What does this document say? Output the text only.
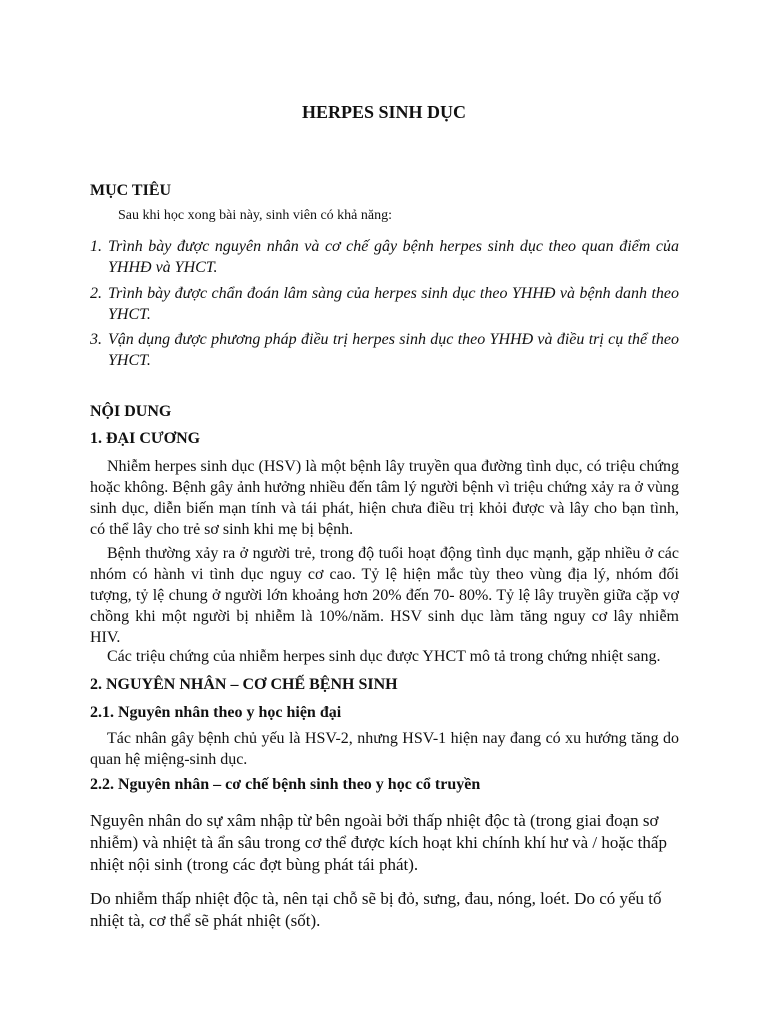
HERPES SINH DỤC
MỤC TIÊU
Sau khi học xong bài này, sinh viên có khả năng:
1. Trình bày được nguyên nhân và cơ chế gây bệnh herpes sinh dục theo quan điểm của YHHĐ và YHCT.
2. Trình bày được chẩn đoán lâm sàng của herpes sinh dục theo YHHĐ và bệnh danh theo YHCT.
3. Vận dụng được phương pháp điều trị herpes sinh dục theo YHHĐ và điều trị cụ thể theo YHCT.
NỘI DUNG
1. ĐẠI CƯƠNG
Nhiễm herpes sinh dục (HSV) là một bệnh lây truyền qua đường tình dục, có triệu chứng hoặc không. Bệnh gây ảnh hưởng nhiều đến tâm lý người bệnh vì triệu chứng xảy ra ở vùng sinh dục, diễn biến mạn tính và tái phát, hiện chưa điều trị khỏi được và lây cho bạn tình, có thể lây cho trẻ sơ sinh khi mẹ bị bệnh.
Bệnh thường xảy ra ở người trẻ, trong độ tuổi hoạt động tình dục mạnh, gặp nhiều ở các nhóm có hành vi tình dục nguy cơ cao. Tỷ lệ hiện mắc tùy theo vùng địa lý, nhóm đối tượng, tỷ lệ chung ở người lớn khoảng hơn 20% đến 70- 80%. Tỷ lệ lây truyền giữa cặp vợ chồng khi một người bị nhiễm là 10%/năm. HSV sinh dục làm tăng nguy cơ lây nhiễm HIV.
Các triệu chứng của nhiễm herpes sinh dục được YHCT mô tả trong chứng nhiệt sang.
2. NGUYÊN NHÂN – CƠ CHẾ BỆNH SINH
2.1. Nguyên nhân theo y học hiện đại
Tác nhân gây bệnh chủ yếu là HSV-2, nhưng HSV-1 hiện nay đang có xu hướng tăng do quan hệ miệng-sinh dục.
2.2. Nguyên nhân – cơ chế bệnh sinh theo y học cổ truyền
Nguyên nhân do sự xâm nhập từ bên ngoài bởi thấp nhiệt độc tà (trong giai đoạn sơ nhiễm) và nhiệt tà ẩn sâu trong cơ thể được kích hoạt khi chính khí hư và / hoặc thấp nhiệt nội sinh (trong các đợt bùng phát tái phát).
Do nhiễm thấp nhiệt độc tà, nên tại chỗ sẽ bị đỏ, sưng, đau, nóng, loét. Do có yếu tố nhiệt tà, cơ thể sẽ phát nhiệt (sốt).
